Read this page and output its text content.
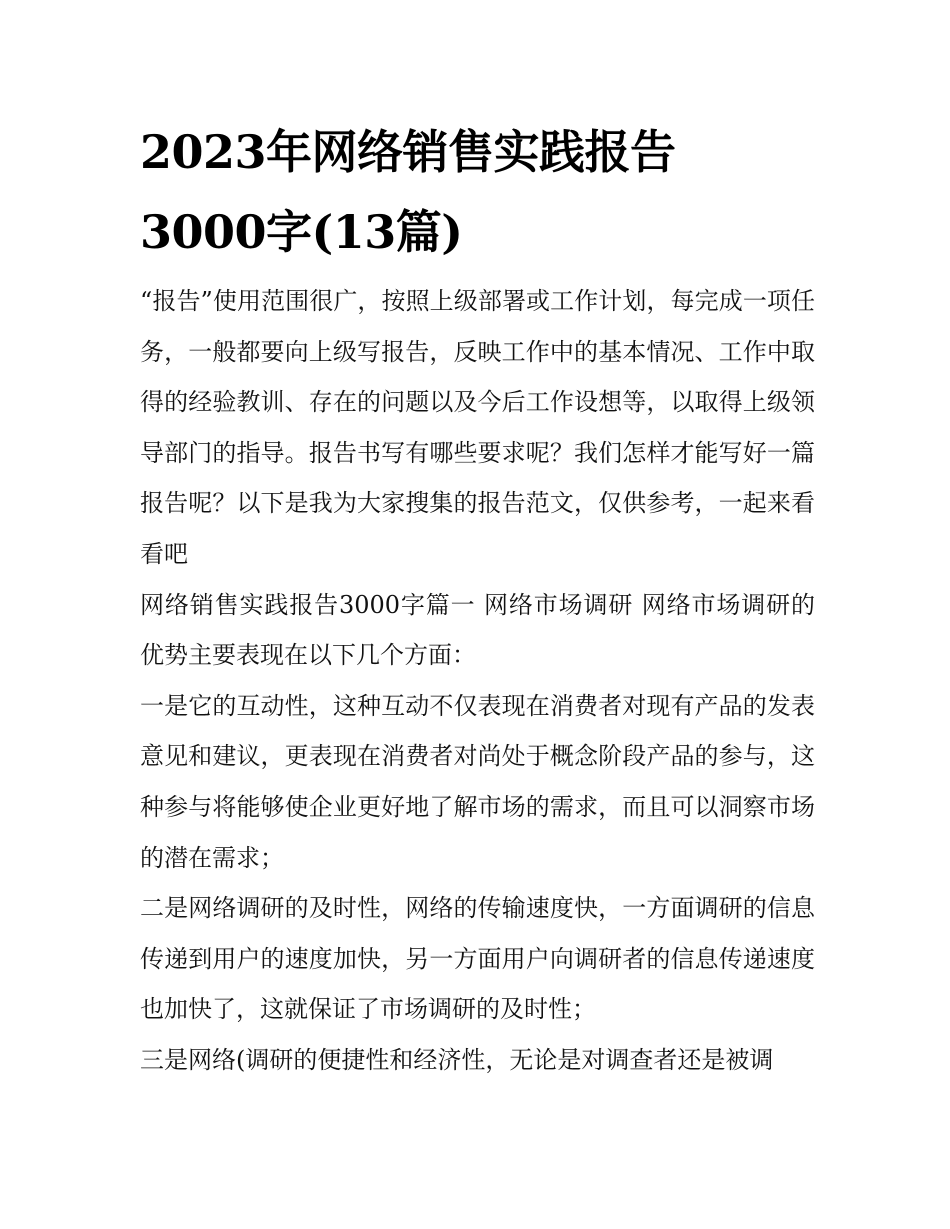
2023年网络销售实践报告
3000字(13篇)

“报告”使用范围很广，按照上级部署或工作计划，每完成一项任务，一般都要向上级写报告，反映工作中的基本情况、工作中取得的经验教训、存在的问题以及今后工作设想等，以取得上级领导部门的指导。报告书写有哪些要求呢？我们怎样才能写好一篇报告呢？以下是我为大家搜集的报告范文，仅供参考，一起来看看吧

网络销售实践报告3000字篇一 网络市场调研 网络市场调研的优势主要表现在以下几个方面：

一是它的互动性，这种互动不仅表现在消费者对现有产品的发表意见和建议，更表现在消费者对尚处于概念阶段产品的参与，这种参与将能够使企业更好地了解市场的需求，而且可以洞察市场的潜在需求；

二是网络调研的及时性，网络的传输速度快，一方面调研的信息传递到用户的速度加快，另一方面用户向调研者的信息传递速度也加快了，这就保证了市场调研的及时性；

三是网络(调研的便捷性和经济性，无论是对调查者还是被调
